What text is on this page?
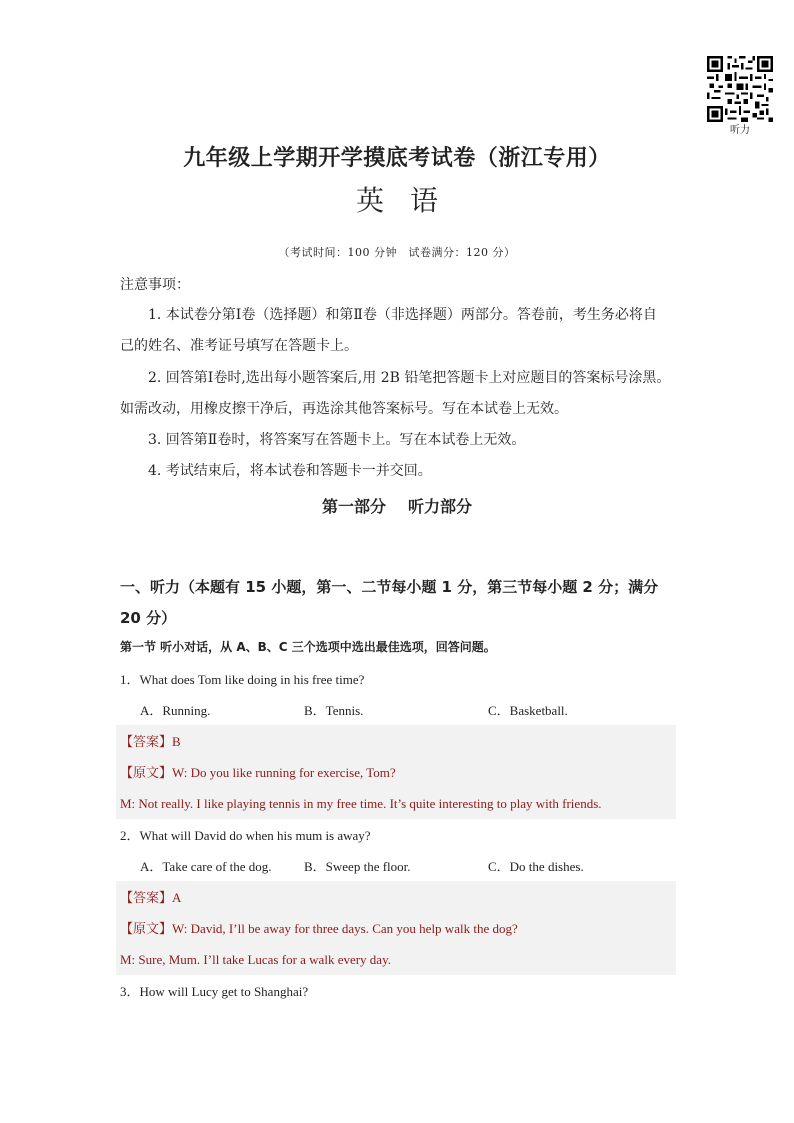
听力
九年级上学期开学摸底考试卷（浙江专用）
英语
（考试时间：100 分钟　试卷满分：120 分）
注意事项：
1. 本试卷分第Ⅰ卷（选择题）和第Ⅱ卷（非选择题）两部分。答卷前，考生务必将自
己的姓名、准考证号填写在答题卡上。
2. 回答第Ⅰ卷时,选出每小题答案后,用 2B 铅笔把答题卡上对应题目的答案标号涂黑。
如需改动，用橡皮擦干净后，再选涂其他答案标号。写在本试卷上无效。
3. 回答第Ⅱ卷时，将答案写在答题卡上。写在本试卷上无效。
4. 考试结束后，将本试卷和答题卡一并交回。
第一部分 听力部分
一、听力（本题有 15 小题，第一、二节每小题 1 分，第三节每小题 2 分；满分
20 分）
第一节 听小对话，从 A、B、C 三个选项中选出最佳选项，回答问题。
1．What does Tom like doing in his free time?
A．Running.	B．Tennis.	C．Basketball.
【答案】B
【原文】W: Do you like running for exercise, Tom?
M: Not really. I like playing tennis in my free time. It’s quite interesting to play with friends.
2．What will David do when his mum is away?
A．Take care of the dog. B．Sweep the floor.	C．Do the dishes.
【答案】A
【原文】W: David, I’ll be away for three days. Can you help walk the dog?
M: Sure, Mum. I’ll take Lucas for a walk every day.
3．How will Lucy get to Shanghai?
